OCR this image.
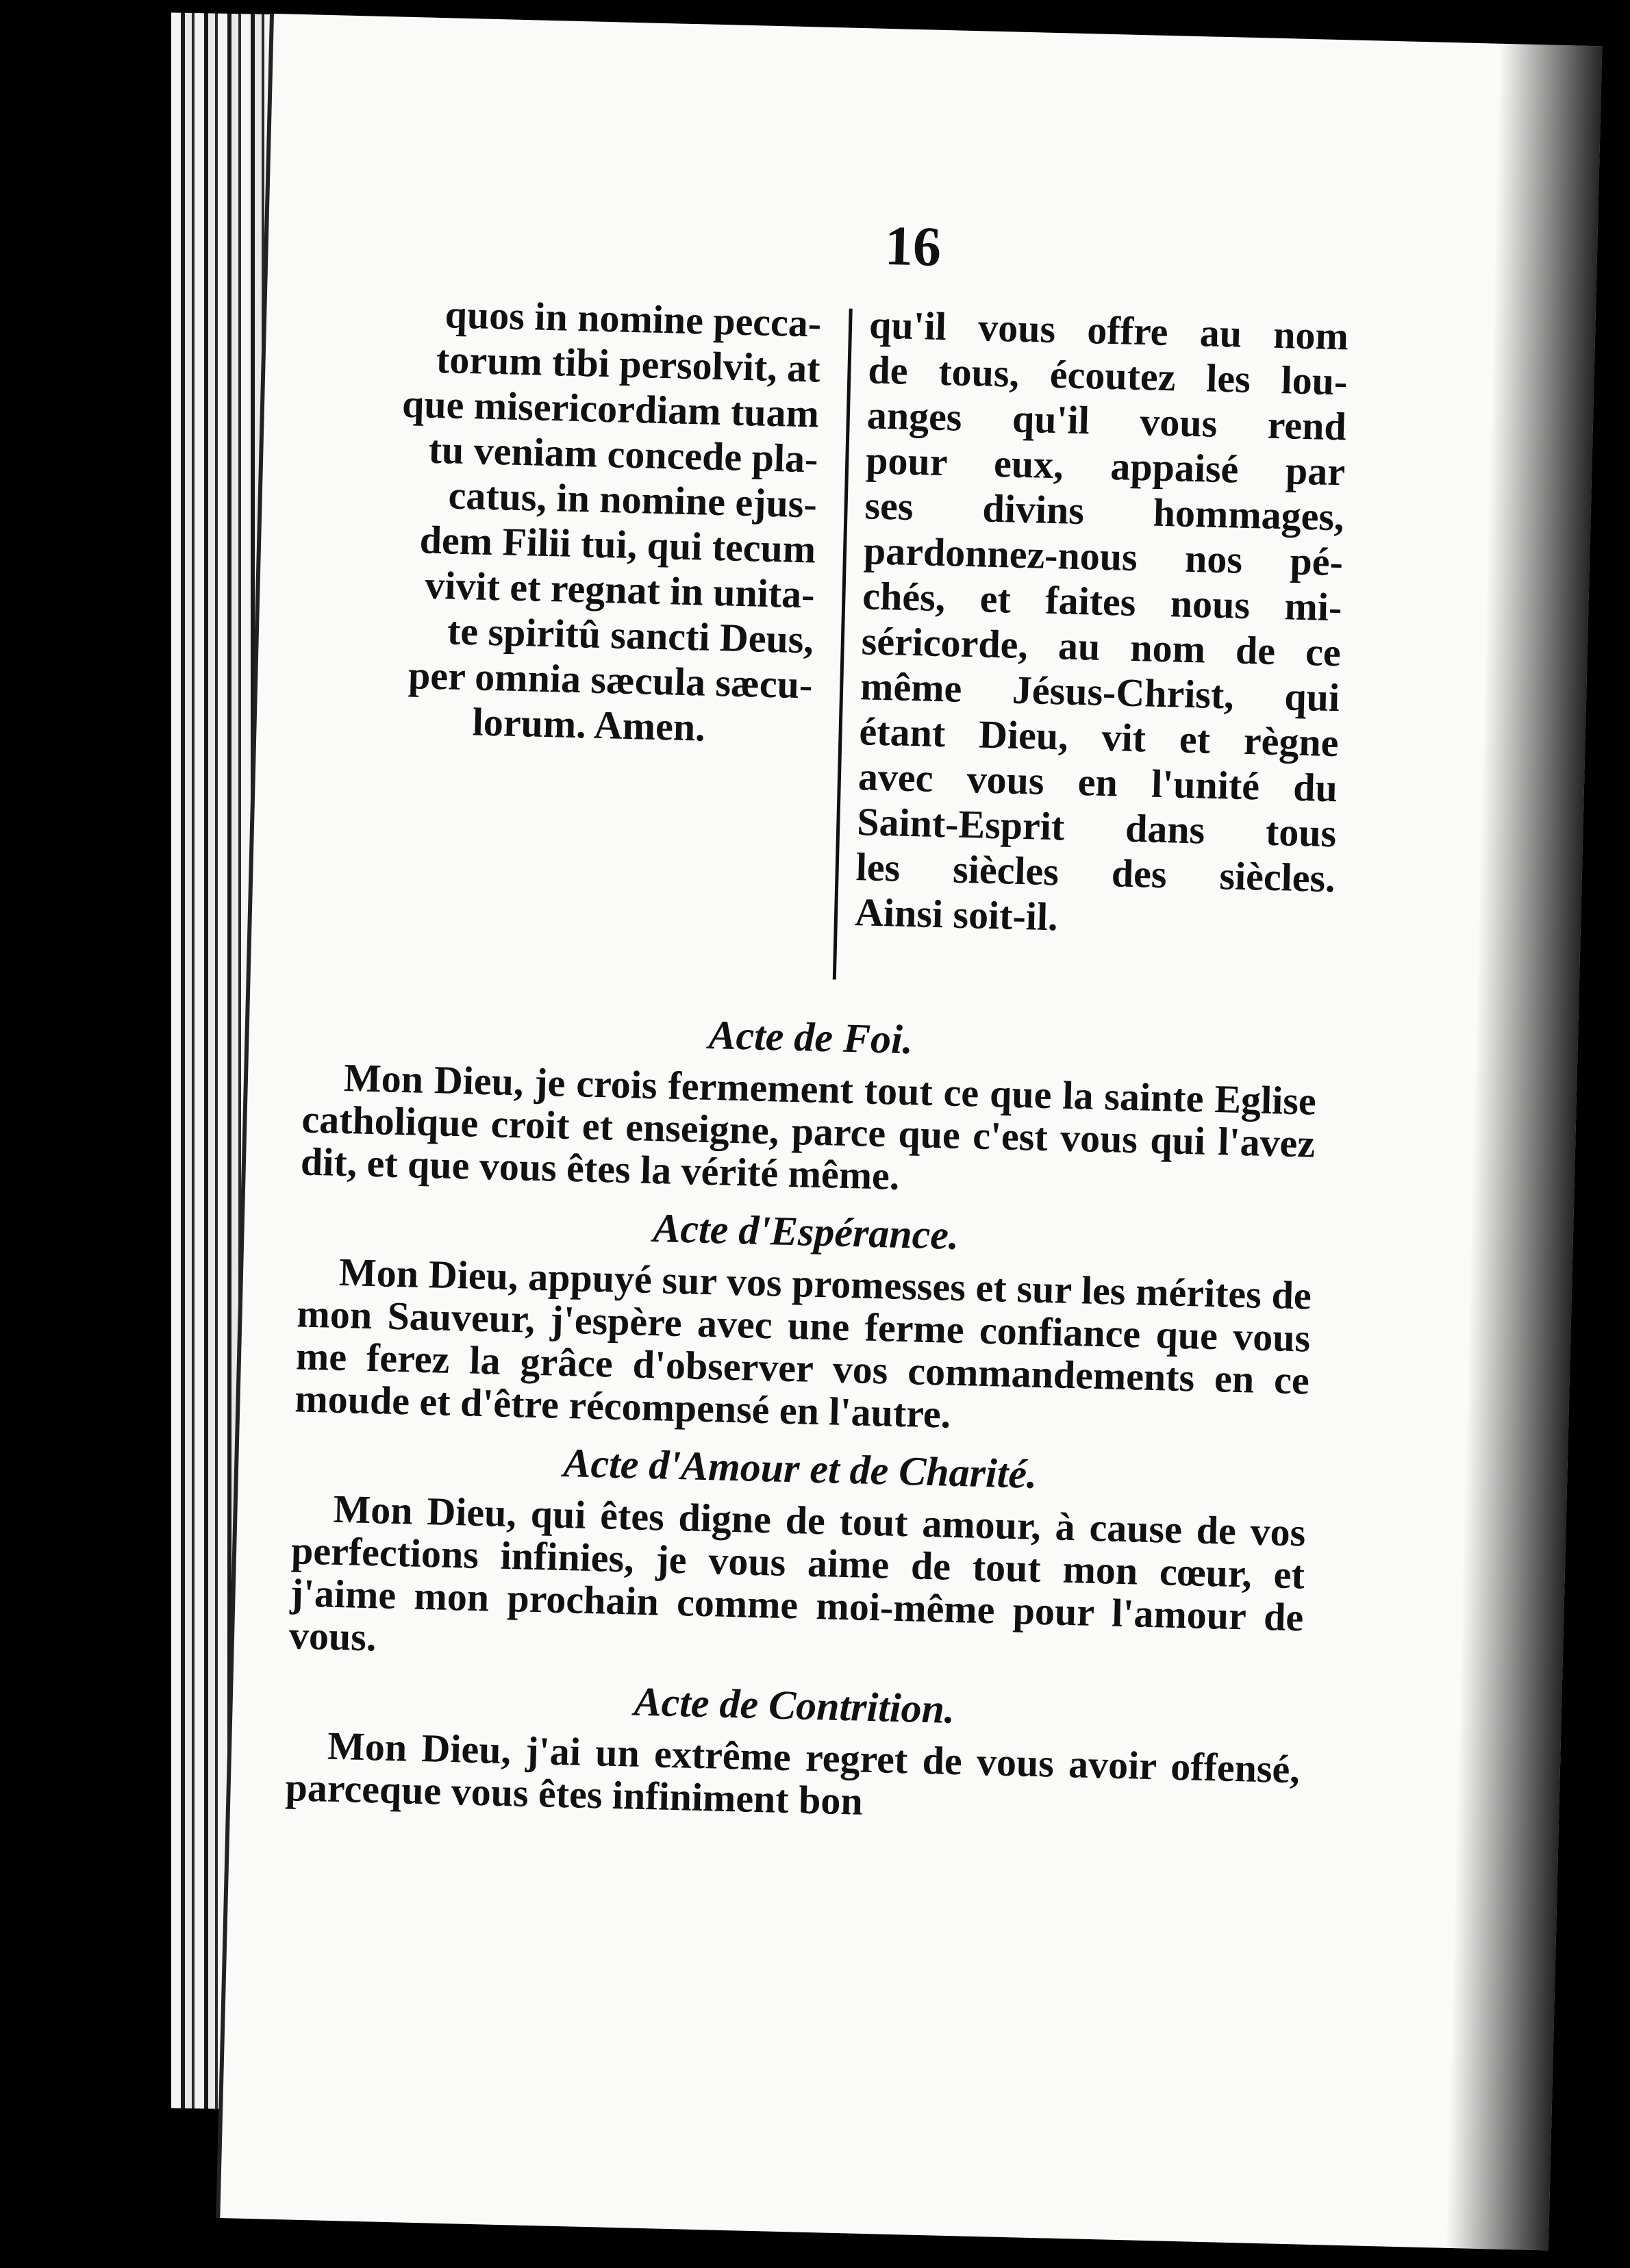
16
quos in nomine pecca-
torum tibi persolvit, at
que misericordiam tuam
tu veniam concede pla-
catus, in nomine ejus-
dem Filii tui, qui tecum
vivit et regnat in unita-
te spiritû sancti Deus,
per omnia sæcula sæcu-
lorum. Amen.
qu'il vous offre au nom
de tous, écoutez les lou-
anges qu'il vous rend
pour eux, appaisé par
ses divins hommages,
pardonnez-nous nos pé-
chés, et faites nous mi-
séricorde, au nom de ce
même Jésus-Christ, qui
étant Dieu, vit et règne
avec vous en l'unité du
Saint-Esprit dans tous
les siècles des siècles.
Ainsi soit-il.

Acte de Foi.

Mon Dieu, je crois fermement tout ce que la sainte Eglise catholique croit et enseigne, parce que c'est vous qui l'avez dit, et que vous êtes la vérité même.

Acte d'Espérance.

Mon Dieu, appuyé sur vos promesses et sur les mérites de mon Sauveur, j'espère avec une ferme confiance que vous me ferez la grâce d'observer vos commandements en ce moude et d'être récompensé en l'autre.

Acte d'Amour et de Charité.

Mon Dieu, qui êtes digne de tout amour, à cause de vos perfections infinies, je vous aime de tout mon cœur, et j'aime mon prochain comme moi-même pour l'amour de vous.

Acte de Contrition.

Mon Dieu, j'ai un extrême regret de vous avoir offensé, parceque vous êtes infiniment bon
